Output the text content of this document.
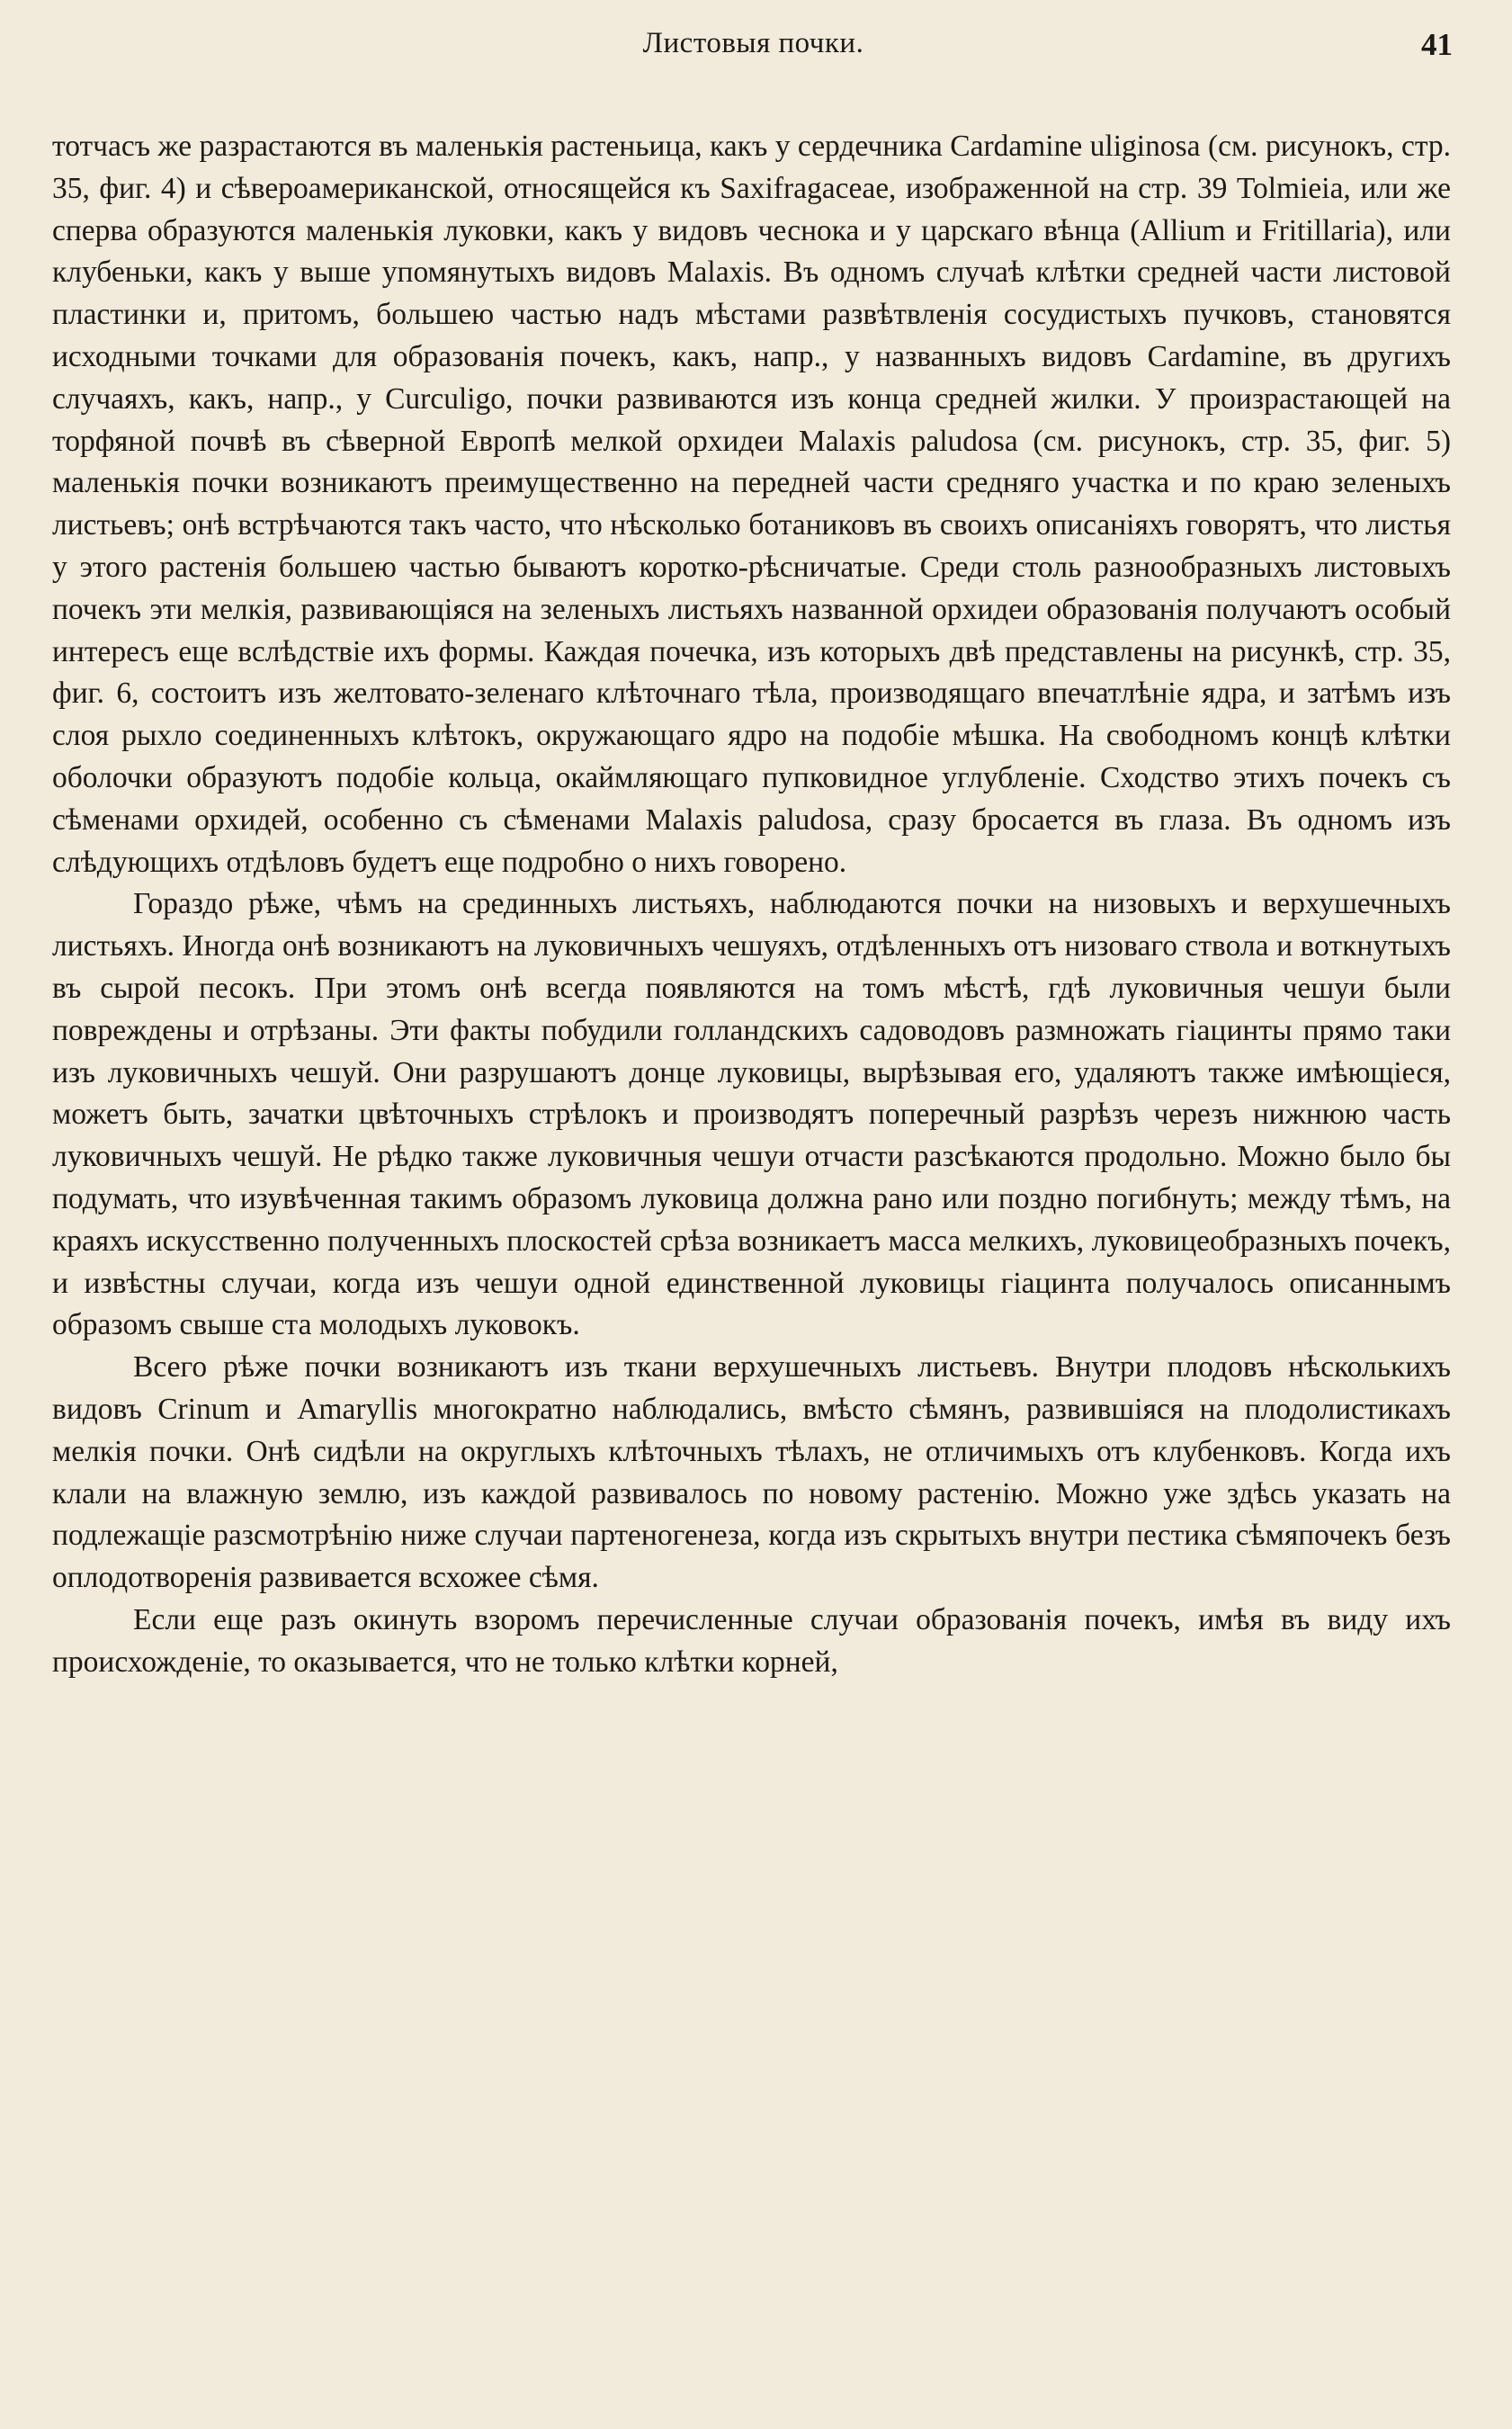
Листовыя почки.	41

тотчасъ же разрастаются въ маленькія растеньица, какъ у сердечника Cardamine uliginosa (см. рисунокъ, стр. 35, фиг. 4) и сѣвероамериканской, относящейся къ Saxifragaceae, изображенной на стр. 39 Tolmieia, или же сперва образуются маленькія луковки, какъ у видовъ чеснока и у царскаго вѣнца (Allium и Fritillaria), или клубеньки, какъ у выше упомянутыхъ видовъ Malaxis. Въ одномъ случаѣ клѣтки средней части листовой пластинки и, притомъ, большею частью надъ мѣстами развѣтвленія сосудистыхъ пучковъ, становятся исходными точками для образованія почекъ, какъ, напр., у названныхъ видовъ Cardamine, въ другихъ случаяхъ, какъ, напр., у Curculigo, почки развиваются изъ конца средней жилки. У произрастающей на торфяной почвѣ въ сѣверной Европѣ мелкой орхидеи Malaxis paludosa (см. рисунокъ, стр. 35, фиг. 5) маленькія почки возникаютъ преимущественно на передней части средняго участка и по краю зеленыхъ листьевъ; онѣ встрѣчаются такъ часто, что нѣсколько ботаниковъ въ своихъ описаніяхъ говорятъ, что листья у этого растенія большею частью бываютъ коротко-рѣсничатые. Среди столь разнообразныхъ листовыхъ почекъ эти мелкія, развивающіяся на зеленыхъ листьяхъ названной орхидеи образованія получаютъ особый интересъ еще вслѣдствіе ихъ формы. Каждая почечка, изъ которыхъ двѣ представлены на рисункѣ, стр. 35, фиг. 6, состоитъ изъ желтовато-зеленаго клѣточнаго тѣла, производящаго впечатлѣніе ядра, и затѣмъ изъ слоя рыхло соединенныхъ клѣтокъ, окружающаго ядро на подобіе мѣшка. На свободномъ концѣ клѣтки оболочки образуютъ подобіе кольца, окаймляющаго пупковидное углубленіе. Сходство этихъ почекъ съ сѣменами орхидей, особенно съ сѣменами Malaxis paludosa, сразу бросается въ глаза. Въ одномъ изъ слѣдующихъ отдѣловъ будетъ еще подробно о нихъ говорено.

Гораздо рѣже, чѣмъ на срединныхъ листьяхъ, наблюдаются почки на низовыхъ и верхушечныхъ листьяхъ. Иногда онѣ возникаютъ на луковичныхъ чешуяхъ, отдѣленныхъ отъ низоваго ствола и воткнутыхъ въ сырой песокъ. При этомъ онѣ всегда появляются на томъ мѣстѣ, гдѣ луковичныя чешуи были повреждены и отрѣзаны. Эти факты побудили голландскихъ садоводовъ размножать гіацинты прямо таки изъ луковичныхъ чешуй. Они разрушаютъ донце луковицы, вырѣзывая его, удаляютъ также имѣющіеся, можетъ быть, зачатки цвѣточныхъ стрѣлокъ и производятъ поперечный разрѣзъ черезъ нижнюю часть луковичныхъ чешуй. Не рѣдко также луковичныя чешуи отчасти разсѣкаются продольно. Можно было бы подумать, что изувѣченная такимъ образомъ луковица должна рано или поздно погибнуть; между тѣмъ, на краяхъ искусственно полученныхъ плоскостей срѣза возникаетъ масса мелкихъ, луковицеобразныхъ почекъ, и извѣстны случаи, когда изъ чешуи одной единственной луковицы гіацинта получалось описаннымъ образомъ свыше ста молодыхъ луковокъ.

Всего рѣже почки возникаютъ изъ ткани верхушечныхъ листьевъ. Внутри плодовъ нѣсколькихъ видовъ Crinum и Amaryllis многократно наблюдались, вмѣсто сѣмянъ, развившіяся на плодолистикахъ мелкія почки. Онѣ сидѣли на округлыхъ клѣточныхъ тѣлахъ, не отличимыхъ отъ клубенковъ. Когда ихъ клали на влажную землю, изъ каждой развивалось по новому растенію. Можно уже здѣсь указать на подлежащіе разсмотрѣнію ниже случаи партеногенеза, когда изъ скрытыхъ внутри пестика сѣмяпочекъ безъ оплодотворенія развивается всхожее сѣмя.

Если еще разъ окинуть взоромъ перечисленные случаи образованія почекъ, имѣя въ виду ихъ происхожденіе, то оказывается, что не только клѣтки корней,
